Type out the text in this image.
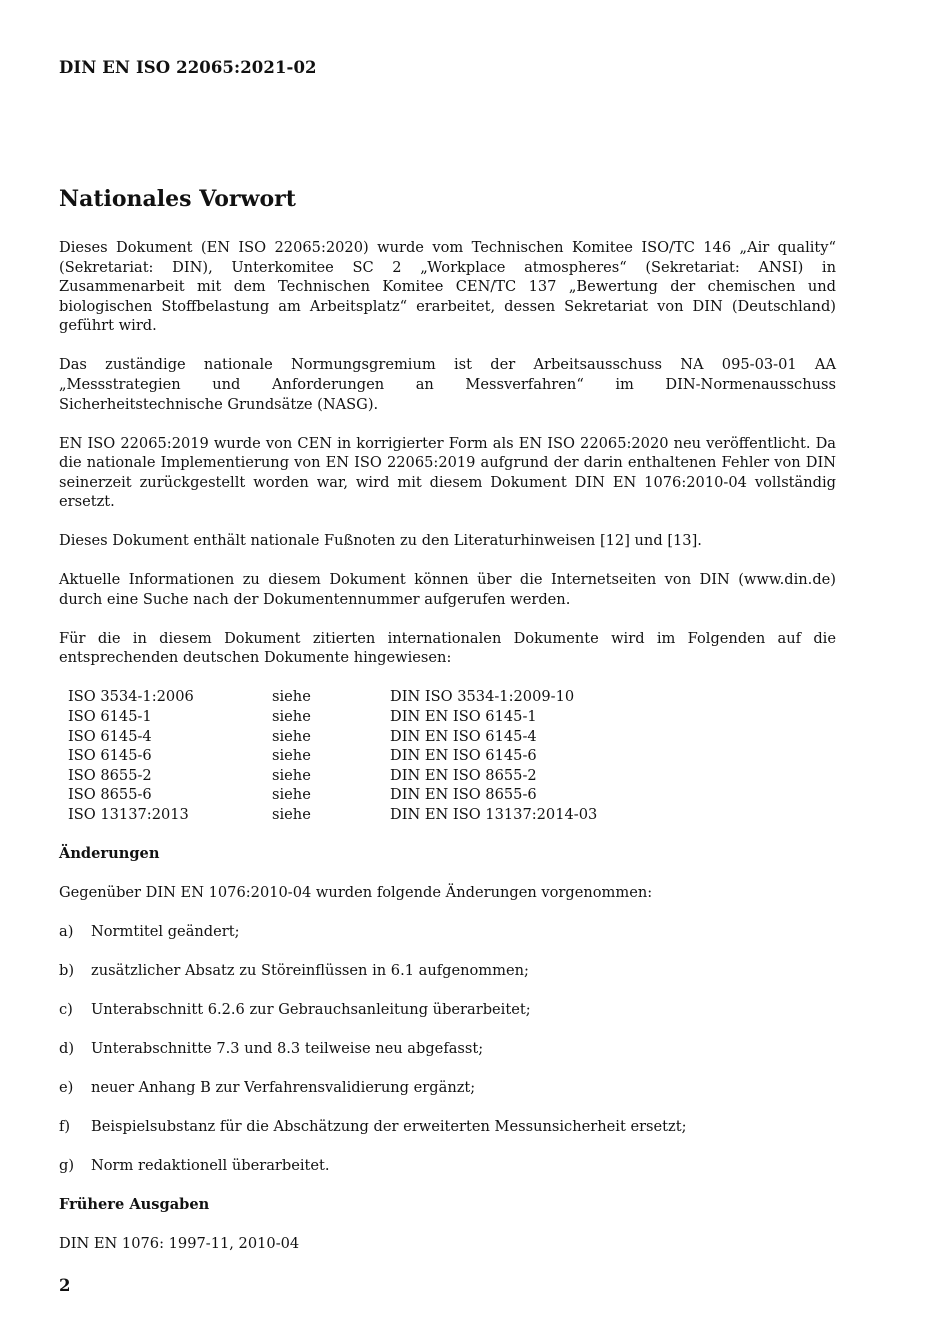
DIN EN ISO 22065:2021-02
Nationales Vorwort

Dieses Dokument (EN ISO 22065:2020) wurde vom Technischen Komitee ISO/TC 146 „Air quality“ (Sekretariat: DIN), Unterkomitee SC 2 „Workplace atmospheres“ (Sekretariat: ANSI) in Zusammenarbeit mit dem Technischen Komitee CEN/TC 137 „Bewertung der chemischen und biologischen Stoffbelastung am Arbeitsplatz“ erarbeitet, dessen Sekretariat von DIN (Deutschland) geführt wird.

Das zuständige nationale Normungsgremium ist der Arbeitsausschuss NA 095-03-01 AA „Messstrategien und Anforderungen an Messverfahren“ im DIN-Normenausschuss Sicherheitstechnische Grundsätze (NASG).

EN ISO 22065:2019 wurde von CEN in korrigierter Form als EN ISO 22065:2020 neu veröffentlicht. Da die nationale Implementierung von EN ISO 22065:2019 aufgrund der darin enthaltenen Fehler von DIN seinerzeit zurückgestellt worden war, wird mit diesem Dokument DIN EN 1076:2010-04 vollständig ersetzt.

Dieses Dokument enthält nationale Fußnoten zu den Literaturhinweisen [12] und [13].

Aktuelle Informationen zu diesem Dokument können über die Internetseiten von DIN (www.din.de) durch eine Suche nach der Dokumentennummer aufgerufen werden.

Für die in diesem Dokument zitierten internationalen Dokumente wird im Folgenden auf die entsprechenden deutschen Dokumente hingewiesen:

ISO 3534-1:2006	siehe	DIN ISO 3534-1:2009-10
ISO 6145-1	siehe	DIN EN ISO 6145-1
ISO 6145-4	siehe	DIN EN ISO 6145-4
ISO 6145-6	siehe	DIN EN ISO 6145-6
ISO 8655-2	siehe	DIN EN ISO 8655-2
ISO 8655-6	siehe	DIN EN ISO 8655-6
ISO 13137:2013	siehe	DIN EN ISO 13137:2014-03
Änderungen

Gegenüber DIN EN 1076:2010-04 wurden folgende Änderungen vorgenommen:

a)	Normtitel geändert;
b)	zusätzlicher Absatz zu Störeinflüssen in 6.1 aufgenommen;
c)	Unterabschnitt 6.2.6 zur Gebrauchsanleitung überarbeitet;
d)	Unterabschnitte 7.3 und 8.3 teilweise neu abgefasst;
e)	neuer Anhang B zur Verfahrensvalidierung ergänzt;
f)	Beispielsubstanz für die Abschätzung der erweiterten Messunsicherheit ersetzt;
g)	Norm redaktionell überarbeitet.
Frühere Ausgaben

DIN EN 1076: 1997-11, 2010-04

2
